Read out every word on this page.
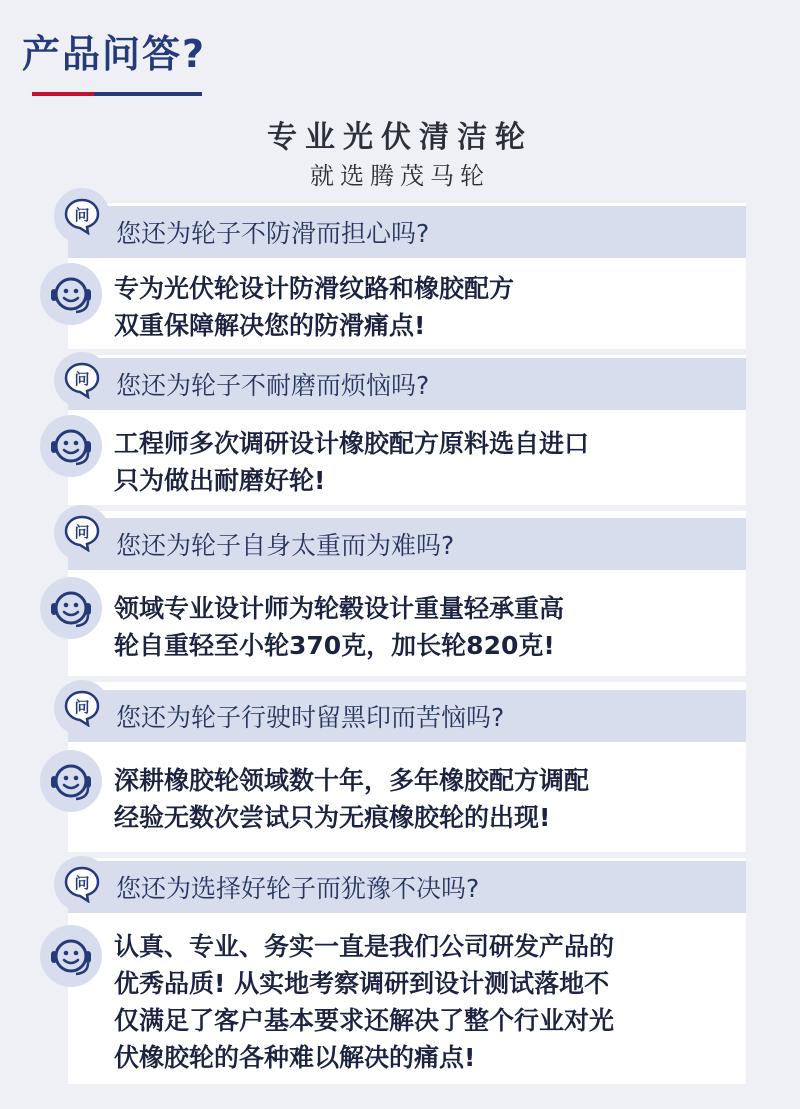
产品问答?
专业光伏清洁轮
就选腾茂马轮
您还为轮子不防滑而担心吗?
问
专为光伏轮设计防滑纹路和橡胶配方
双重保障解决您的防滑痛点!
您还为轮子不耐磨而烦恼吗?
问
工程师多次调研设计橡胶配方原料选自进口
只为做出耐磨好轮!
您还为轮子自身太重而为难吗?
问
领域专业设计师为轮毂设计重量轻承重高
轮自重轻至小轮370克，加长轮820克!
您还为轮子行驶时留黑印而苦恼吗?
问
深耕橡胶轮领域数十年，多年橡胶配方调配
经验无数次尝试只为无痕橡胶轮的出现!
您还为选择好轮子而犹豫不决吗?
问
认真、专业、务实一直是我们公司研发产品的
优秀品质! 从实地考察调研到设计测试落地不
仅满足了客户基本要求还解决了整个行业对光
伏橡胶轮的各种难以解决的痛点!
